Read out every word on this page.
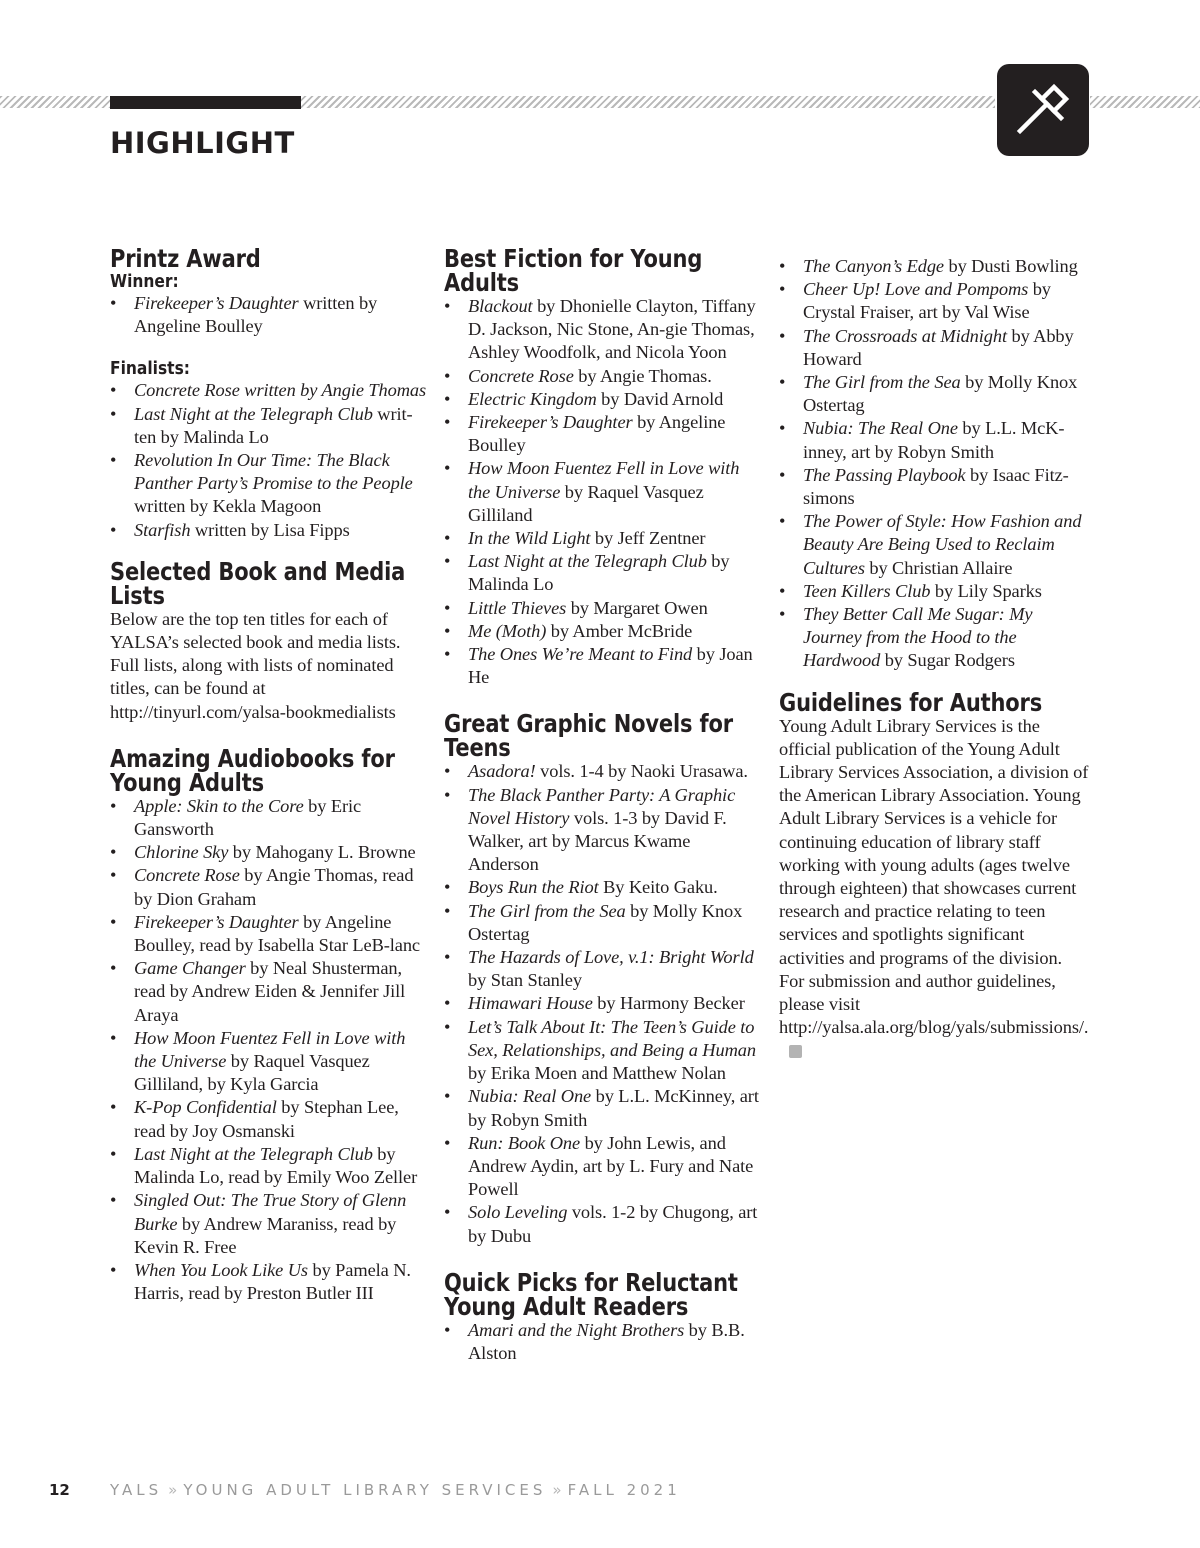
HIGHLIGHT
Printz Award
Winner:
• Firekeeper’s Daughter written by Angeline Boulley
Finalists:
• Concrete Rose written by Angie Thomas
• Last Night at the Telegraph Club writ-ten by Malinda Lo
• Revolution In Our Time: The Black Panther Party’s Promise to the People written by Kekla Magoon
• Starfish written by Lisa Fipps
Selected Book and Media
Lists

Below are the top ten titles for each of YALSA’s selected book and media lists. Full lists, along with lists of nominated titles, can be found at http://tinyurl.com/yalsa-bookmedialists

Amazing Audiobooks for
Young Adults
• Apple: Skin to the Core by Eric Gansworth
• Chlorine Sky by Mahogany L. Browne
• Concrete Rose by Angie Thomas, read by Dion Graham
• Firekeeper’s Daughter by Angeline Boulley, read by Isabella Star LeB-lanc
• Game Changer by Neal Shusterman, read by Andrew Eiden & Jennifer Jill Araya
• How Moon Fuentez Fell in Love with the Universe by Raquel Vasquez Gilliland, by Kyla Garcia
• K-Pop Confidential by Stephan Lee, read by Joy Osmanski
• Last Night at the Telegraph Club by Malinda Lo, read by Emily Woo Zeller
• Singled Out: The True Story of Glenn Burke by Andrew Maraniss, read by Kevin R. Free
• When You Look Like Us by Pamela N. Harris, read by Preston Butler III
Best Fiction for Young
Adults
• Blackout by Dhonielle Clayton, Tiffany D. Jackson, Nic Stone, An-gie Thomas, Ashley Woodfolk, and Nicola Yoon
• Concrete Rose by Angie Thomas.
• Electric Kingdom by David Arnold
• Firekeeper’s Daughter by Angeline Boulley
• How Moon Fuentez Fell in Love with the Universe by Raquel Vasquez Gilliland
• In the Wild Light by Jeff Zentner
• Last Night at the Telegraph Club by Malinda Lo
• Little Thieves by Margaret Owen
• Me (Moth) by Amber McBride
• The Ones We’re Meant to Find by Joan He
Great Graphic Novels for
Teens
• Asadora! vols. 1-4 by Naoki Urasawa.
• The Black Panther Party: A Graphic Novel History vols. 1-3 by David F. Walker, art by Marcus Kwame Anderson
• Boys Run the Riot By Keito Gaku.
• The Girl from the Sea by Molly Knox Ostertag
• The Hazards of Love, v.1: Bright World by Stan Stanley
• Himawari House by Harmony Becker
• Let’s Talk About It: The Teen’s Guide to Sex, Relationships, and Being a Human by Erika Moen and Matthew Nolan
• Nubia: Real One by L.L. McKinney, art by Robyn Smith
• Run: Book One by John Lewis, and Andrew Aydin, art by L. Fury and Nate Powell
• Solo Leveling vols. 1-2 by Chugong, art by Dubu
Quick Picks for Reluctant
Young Adult Readers
• Amari and the Night Brothers by B.B. Alston
• The Canyon’s Edge by Dusti Bowling
• Cheer Up! Love and Pompoms by Crystal Fraiser, art by Val Wise
• The Crossroads at Midnight by Abby Howard
• The Girl from the Sea by Molly Knox Ostertag
• Nubia: The Real One by L.L. McK-inney, art by Robyn Smith
• The Passing Playbook by Isaac Fitz-simons
• The Power of Style: How Fashion and Beauty Are Being Used to Reclaim Cultures by Christian Allaire
• Teen Killers Club by Lily Sparks
• They Better Call Me Sugar: My Journey from the Hood to the Hardwood by Sugar Rodgers
Guidelines for Authors

Young Adult Library Services is the official publication of the Young Adult Library Services Association, a division of the American Library Association. Young Adult Library Services is a vehicle for continuing education of library staff working with young adults (ages twelve through eighteen) that showcases current research and practice relating to teen services and spotlights significant activities and programs of the division. For submission and author guidelines, please visit http://yalsa.ala.org/blog/yals/submissions/.

12	YALS » YOUNG ADULT LIBRARY SERVICES » FALL 2021
